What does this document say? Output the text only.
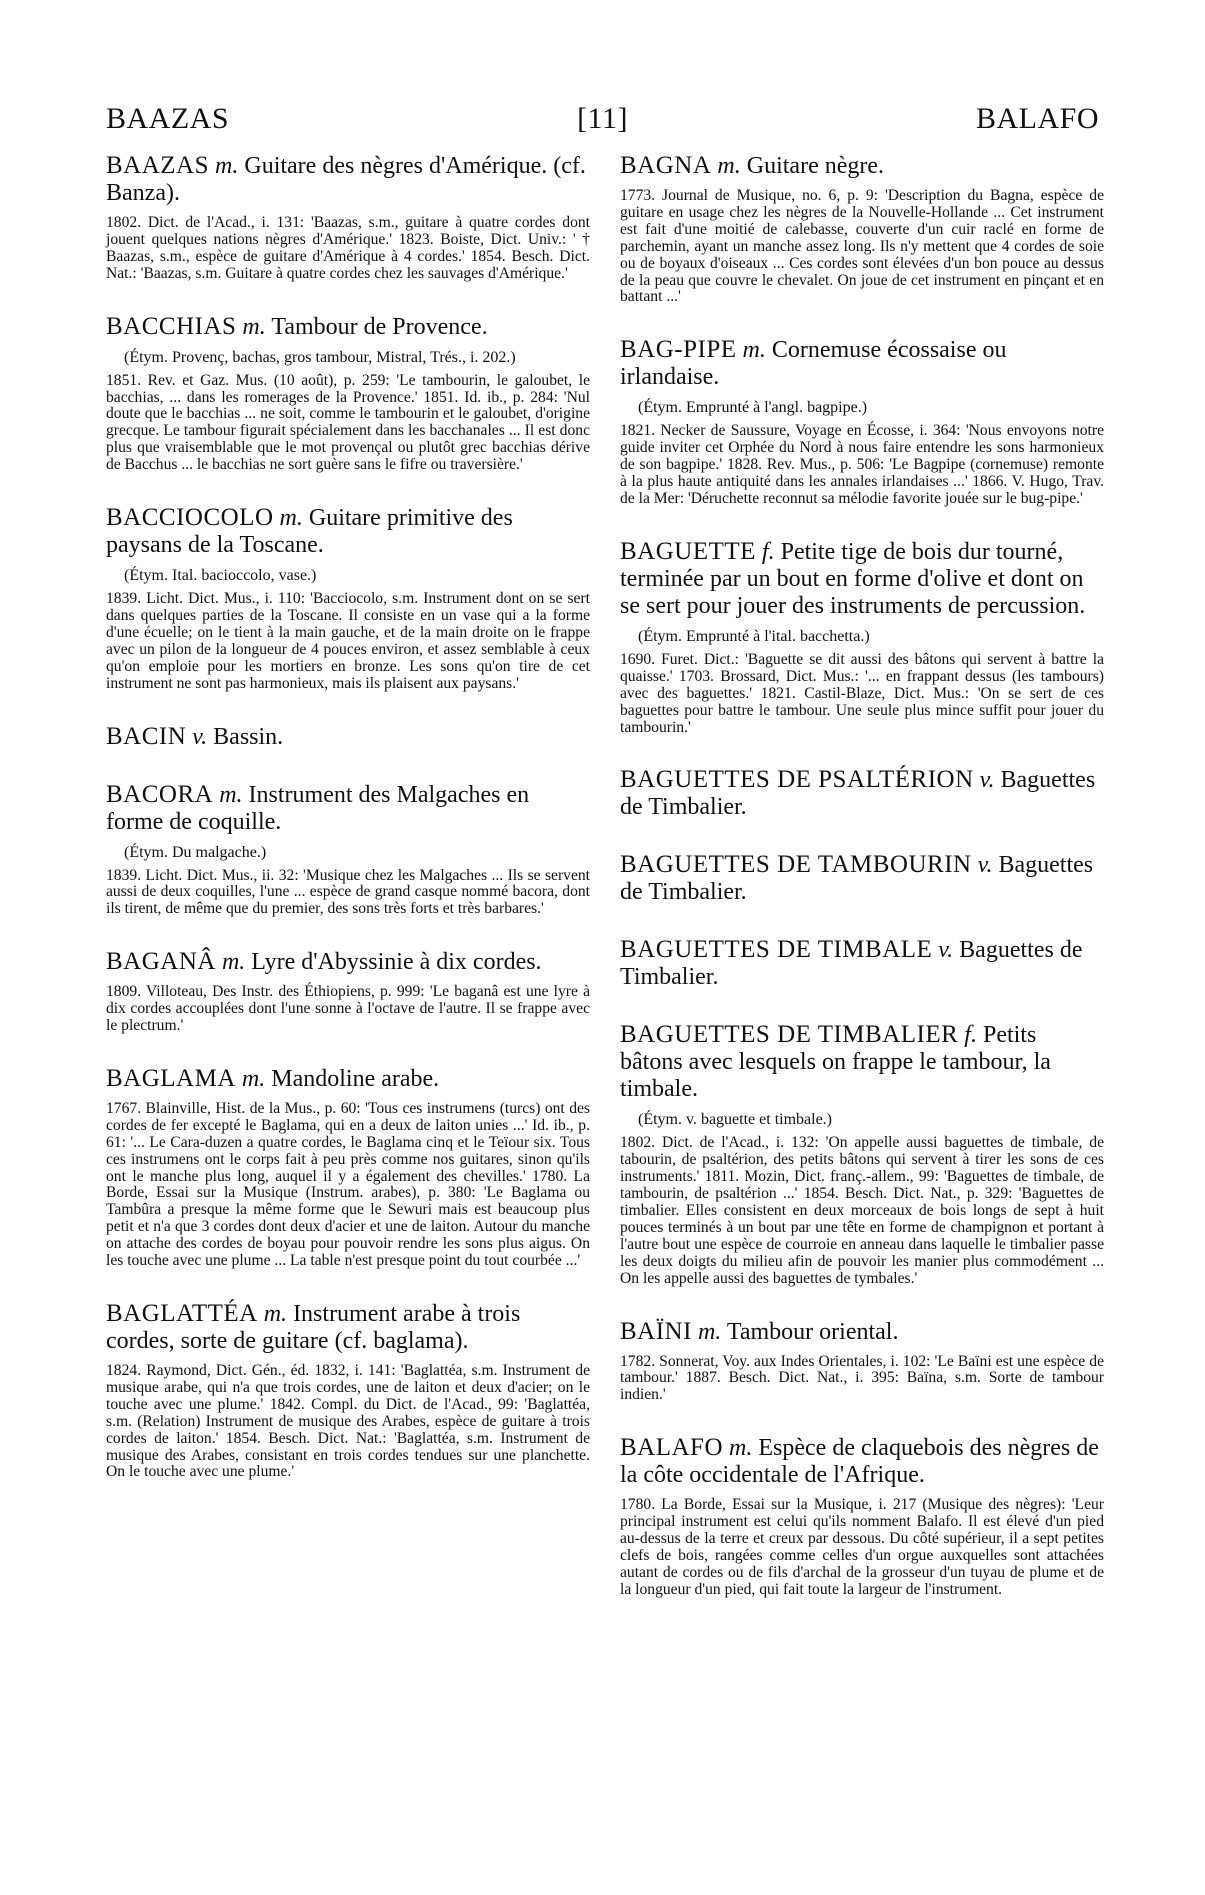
BAAZAS	[11]	BALAFO
BAAZAS m. Guitare des nègres d'Amérique. (cf. Banza).
1802. Dict. de l'Acad., i. 131: 'Baazas, s.m., guitare à quatre cordes dont jouent quelques nations nègres d'Amérique.' 1823. Boiste, Dict. Univ.: ' † Baazas, s.m., espèce de guitare d'Amérique à 4 cordes.' 1854. Besch. Dict. Nat.: 'Baazas, s.m. Guitare à quatre cordes chez les sauvages d'Amérique.'
BACCHIAS m. Tambour de Provence.
(Étym. Provenç, bachas, gros tambour, Mistral, Trés., i. 202.)
1851. Rev. et Gaz. Mus. (10 août), p. 259: 'Le tambourin, le galoubet, le bacchias, ... dans les romerages de la Provence.' 1851. Id. ib., p. 284: 'Nul doute que le bacchias ... ne soit, comme le tambourin et le galoubet, d'origine grecque. Le tambour figurait spécialement dans les bacchanales ... Il est donc plus que vraisemblable que le mot provençal ou plutôt grec bacchias dérive de Bacchus ... le bacchias ne sort guère sans le fifre ou traversière.'
BACCIOCOLO m. Guitare primitive des paysans de la Toscane.
(Étym. Ital. bacioccolo, vase.)
1839. Licht. Dict. Mus., i. 110: 'Bacciocolo, s.m. Instrument dont on se sert dans quelques parties de la Toscane. Il consiste en un vase qui a la forme d'une écuelle; on le tient à la main gauche, et de la main droite on le frappe avec un pilon de la longueur de 4 pouces environ, et assez semblable à ceux qu'on emploie pour les mortiers en bronze. Les sons qu'on tire de cet instrument ne sont pas harmonieux, mais ils plaisent aux paysans.'
BACIN v. Bassin.
BACORA m. Instrument des Malgaches en forme de coquille.
(Étym. Du malgache.)
1839. Licht. Dict. Mus., ii. 32: 'Musique chez les Malgaches ... Ils se servent aussi de deux coquilles, l'une ... espèce de grand casque nommé bacora, dont ils tirent, de même que du premier, des sons très forts et très barbares.'
BAGANÂ m. Lyre d'Abyssinie à dix cordes.
1809. Villoteau, Des Instr. des Éthiopiens, p. 999: 'Le baganâ est une lyre à dix cordes accouplées dont l'une sonne à l'octave de l'autre. Il se frappe avec le plectrum.'
BAGLAMA m. Mandoline arabe.
1767. Blainville, Hist. de la Mus., p. 60: 'Tous ces instrumens (turcs) ont des cordes de fer excepté le Baglama, qui en a deux de laiton unies ...' Id. ib., p. 61: '... Le Cara-duzen a quatre cordes, le Baglama cinq et le Teïour six. Tous ces instrumens ont le corps fait à peu près comme nos guitares, sinon qu'ils ont le manche plus long, auquel il y a également des chevilles.' 1780. La Borde, Essai sur la Musique (Instrum. arabes), p. 380: 'Le Baglama ou Tambûra a presque la même forme que le Sewuri mais est beaucoup plus petit et n'a que 3 cordes dont deux d'acier et une de laiton. Autour du manche on attache des cordes de boyau pour pouvoir rendre les sons plus aigus. On les touche avec une plume ... La table n'est presque point du tout courbée ...'
BAGLATTÉA m. Instrument arabe à trois cordes, sorte de guitare (cf. baglama).
1824. Raymond, Dict. Gén., éd. 1832, i. 141: 'Baglattéa, s.m. Instrument de musique arabe, qui n'a que trois cordes, une de laiton et deux d'acier; on le touche avec une plume.' 1842. Compl. du Dict. de l'Acad., 99: 'Baglattéa, s.m. (Relation) Instrument de musique des Arabes, espèce de guitare à trois cordes de laiton.' 1854. Besch. Dict. Nat.: 'Baglattéa, s.m. Instrument de musique des Arabes, consistant en trois cordes tendues sur une planchette. On le touche avec une plume.'
BAGNA m. Guitare nègre.
1773. Journal de Musique, no. 6, p. 9: 'Description du Bagna, espèce de guitare en usage chez les nègres de la Nouvelle-Hollande ... Cet instrument est fait d'une moitié de calebasse, couverte d'un cuir raclé en forme de parchemin, ayant un manche assez long. Ils n'y mettent que 4 cordes de soie ou de boyaux d'oiseaux ... Ces cordes sont élevées d'un bon pouce au dessus de la peau que couvre le chevalet. On joue de cet instrument en pinçant et en battant ...'
BAG-PIPE m. Cornemuse écossaise ou irlandaise.
(Étym. Emprunté à l'angl. bagpipe.)
1821. Necker de Saussure, Voyage en Écosse, i. 364: 'Nous envoyons notre guide inviter cet Orphée du Nord à nous faire entendre les sons harmonieux de son bagpipe.' 1828. Rev. Mus., p. 506: 'Le Bagpipe (cornemuse) remonte à la plus haute antiquité dans les annales irlandaises ...' 1866. V. Hugo, Trav. de la Mer: 'Déruchette reconnut sa mélodie favorite jouée sur le bug-pipe.'
BAGUETTE f. Petite tige de bois dur tourné, terminée par un bout en forme d'olive et dont on se sert pour jouer des instruments de percussion.
(Étym. Emprunté à l'ital. bacchetta.)
1690. Furet. Dict.: 'Baguette se dit aussi des bâtons qui servent à battre la quaisse.' 1703. Brossard, Dict. Mus.: '... en frappant dessus (les tambours) avec des baguettes.' 1821. Castil-Blaze, Dict. Mus.: 'On se sert de ces baguettes pour battre le tambour. Une seule plus mince suffit pour jouer du tambourin.'
BAGUETTES DE PSALTÉRION v. Baguettes de Timbalier.
BAGUETTES DE TAMBOURIN v. Baguettes de Timbalier.
BAGUETTES DE TIMBALE v. Baguettes de Timbalier.
BAGUETTES DE TIMBALIER f. Petits bâtons avec lesquels on frappe le tambour, la timbale.
(Étym. v. baguette et timbale.)
1802. Dict. de l'Acad., i. 132: 'On appelle aussi baguettes de timbale, de tabourin, de psaltérion, des petits bâtons qui servent à tirer les sons de ces instruments.' 1811. Mozin, Dict. franç.-allem., 99: 'Baguettes de timbale, de tambourin, de psaltérion ...' 1854. Besch. Dict. Nat., p. 329: 'Baguettes de timbalier. Elles consistent en deux morceaux de bois longs de sept à huit pouces terminés à un bout par une tête en forme de champignon et portant à l'autre bout une espèce de courroie en anneau dans laquelle le timbalier passe les deux doigts du milieu afin de pouvoir les manier plus commodément ... On les appelle aussi des baguettes de tymbales.'
BAÏNI m. Tambour oriental.
1782. Sonnerat, Voy. aux Indes Orientales, i. 102: 'Le Baïni est une espèce de tambour.' 1887. Besch. Dict. Nat., i. 395: Baïna, s.m. Sorte de tambour indien.'
BALAFO m. Espèce de claquebois des nègres de la côte occidentale de l'Afrique.
1780. La Borde, Essai sur la Musique, i. 217 (Musique des nègres): 'Leur principal instrument est celui qu'ils nomment Balafo. Il est élevé d'un pied au-dessus de la terre et creux par dessous. Du côté supérieur, il a sept petites clefs de bois, rangées comme celles d'un orgue auxquelles sont attachées autant de cordes ou de fils d'archal de la grosseur d'un tuyau de plume et de la longueur d'un pied, qui fait toute la largeur de l'instrument.
